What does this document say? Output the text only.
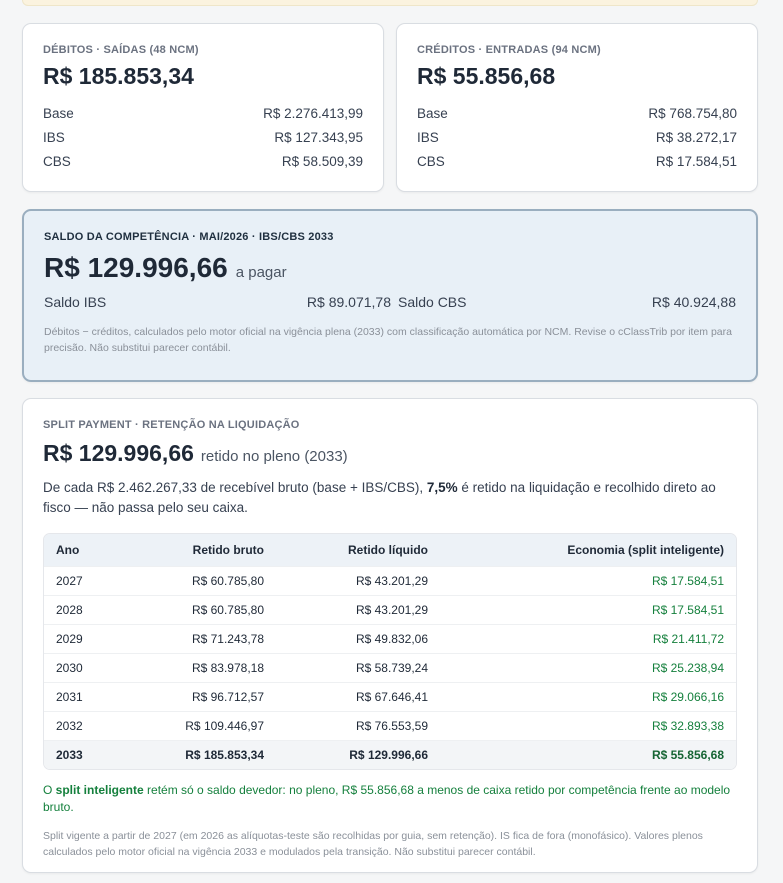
DÉBITOS · SAÍDAS (48 NCM)
R$ 185.853,34
Base	R$ 2.276.413,99
IBS	R$ 127.343,95
CBS	R$ 58.509,39
CRÉDITOS · ENTRADAS (94 NCM)
R$ 55.856,68
Base	R$ 768.754,80
IBS	R$ 38.272,17
CBS	R$ 17.584,51
SALDO DA COMPETÊNCIA · MAI/2026 · IBS/CBS 2033
R$ 129.996,66 a pagar
Saldo IBS	R$ 89.071,78 Saldo CBS	R$ 40.924,88

Débitos − créditos, calculados pelo motor oficial na vigência plena (2033) com classificação automática por NCM. Revise o cClassTrib por item para precisão. Não substitui parecer contábil.

SPLIT PAYMENT · RETENÇÃO NA LIQUIDAÇÃO
R$ 129.996,66 retido no pleno (2033)

De cada R$ 2.462.267,33 de recebível bruto (base + IBS/CBS), 7,5% é retido na liquidação e recolhido direto ao fisco — não passa pelo seu caixa.

Ano	Retido bruto	Retido líquido	Economia (split inteligente)
2027	R$ 60.785,80	R$ 43.201,29	R$ 17.584,51
2028	R$ 60.785,80	R$ 43.201,29	R$ 17.584,51
2029	R$ 71.243,78	R$ 49.832,06	R$ 21.411,72
2030	R$ 83.978,18	R$ 58.739,24	R$ 25.238,94
2031	R$ 96.712,57	R$ 67.646,41	R$ 29.066,16
2032	R$ 109.446,97	R$ 76.553,59	R$ 32.893,38
2033	R$ 185.853,34	R$ 129.996,66	R$ 55.856,68

O split inteligente retém só o saldo devedor: no pleno, R$ 55.856,68 a menos de caixa retido por competência frente ao modelo bruto.

Split vigente a partir de 2027 (em 2026 as alíquotas-teste são recolhidas por guia, sem retenção). IS fica de fora (monofásico). Valores plenos calculados pelo motor oficial na vigência 2033 e modulados pela transição. Não substitui parecer contábil.
